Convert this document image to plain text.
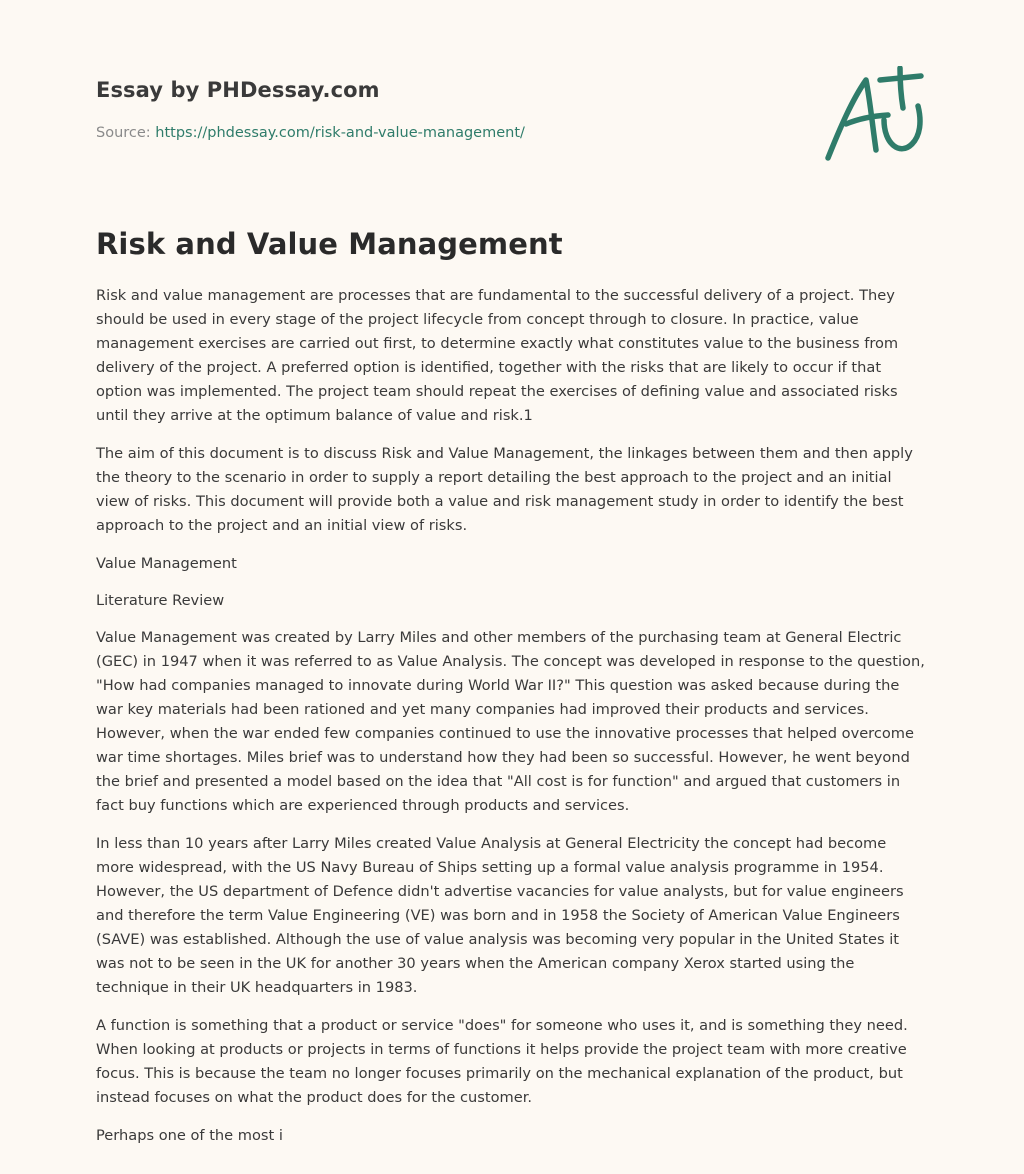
Essay by PHDessay.com
Source: https://phdessay.com/risk-and-value-management/
Risk and Value Management

Risk and value management are processes that are fundamental to the successful delivery of a project. They should be used in every stage of the project lifecycle from concept through to closure. In practice, value management exercises are carried out first, to determine exactly what constitutes value to the business from delivery of the project. A preferred option is identified, together with the risks that are likely to occur if that option was implemented. The project team should repeat the exercises of defining value and associated risks until they arrive at the optimum balance of value and risk.1

The aim of this document is to discuss Risk and Value Management, the linkages between them and then apply the theory to the scenario in order to supply a report detailing the best approach to the project and an initial view of risks. This document will provide both a value and risk management study in order to identify the best approach to the project and an initial view of risks.

Value Management

Literature Review

Value Management was created by Larry Miles and other members of the purchasing team at General Electric (GEC) in 1947 when it was referred to as Value Analysis. The concept was developed in response to the question, "How had companies managed to innovate during World War II?" This question was asked because during the war key materials had been rationed and yet many companies had improved their products and services. However, when the war ended few companies continued to use the innovative processes that helped overcome war time shortages. Miles brief was to understand how they had been so successful. However, he went beyond the brief and presented a model based on the idea that "All cost is for function" and argued that customers in fact buy functions which are experienced through products and services.

In less than 10 years after Larry Miles created Value Analysis at General Electricity the concept had become more widespread, with the US Navy Bureau of Ships setting up a formal value analysis programme in 1954. However, the US department of Defence didn't advertise vacancies for value analysts, but for value engineers and therefore the term Value Engineering (VE) was born and in 1958 the Society of American Value Engineers (SAVE) was established. Although the use of value analysis was becoming very popular in the United States it was not to be seen in the UK for another 30 years when the American company Xerox started using the technique in their UK headquarters in 1983.

A function is something that a product or service "does" for someone who uses it, and is something they need. When looking at products or projects in terms of functions it helps provide the project team with more creative focus. This is because the team no longer focuses primarily on the mechanical explanation of the product, but instead focuses on what the product does for the customer.

Perhaps one of the most i
